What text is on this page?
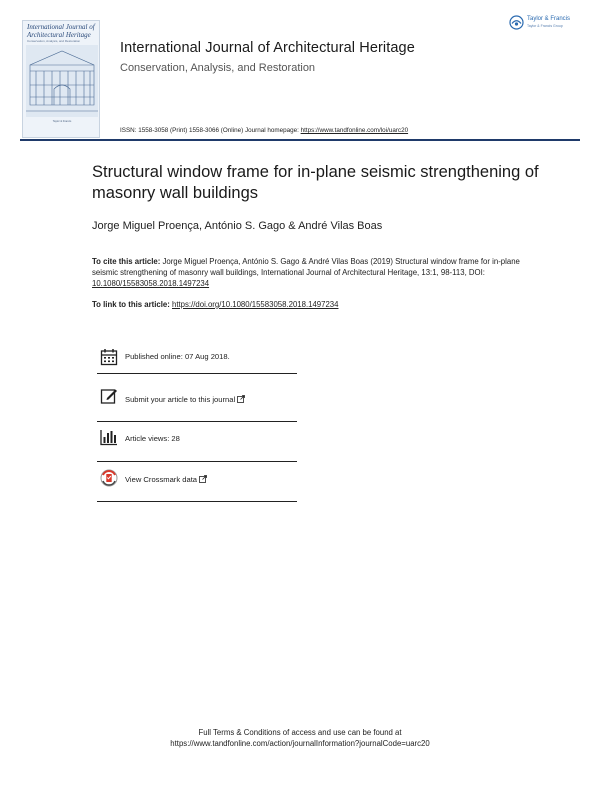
International Journal of
Architectural Heritage
Conservation, Analysis, and Restoration
Taylor & Francis
International Journal of Architectural Heritage
Conservation, Analysis, and Restoration
Taylor & Francis
Taylor & Francis Group
ISSN: 1558-3058 (Print) 1558-3066 (Online) Journal homepage: https://www.tandfonline.com/loi/uarc20
Structural window frame for in-plane seismic strengthening of masonry wall buildings
Jorge Miguel Proença, António S. Gago & André Vilas Boas
To cite this article: Jorge Miguel Proença, António S. Gago & André Vilas Boas (2019) Structural window frame for in-plane seismic strengthening of masonry wall buildings, International Journal of Architectural Heritage, 13:1, 98-113, DOI: 10.1080/15583058.2018.1497234
To link to this article: https://doi.org/10.1080/15583058.2018.1497234
Published online: 07 Aug 2018.
Submit your article to this journal
Article views: 28
View Crossmark data
Full Terms & Conditions of access and use can be found at
https://www.tandfonline.com/action/journalInformation?journalCode=uarc20
